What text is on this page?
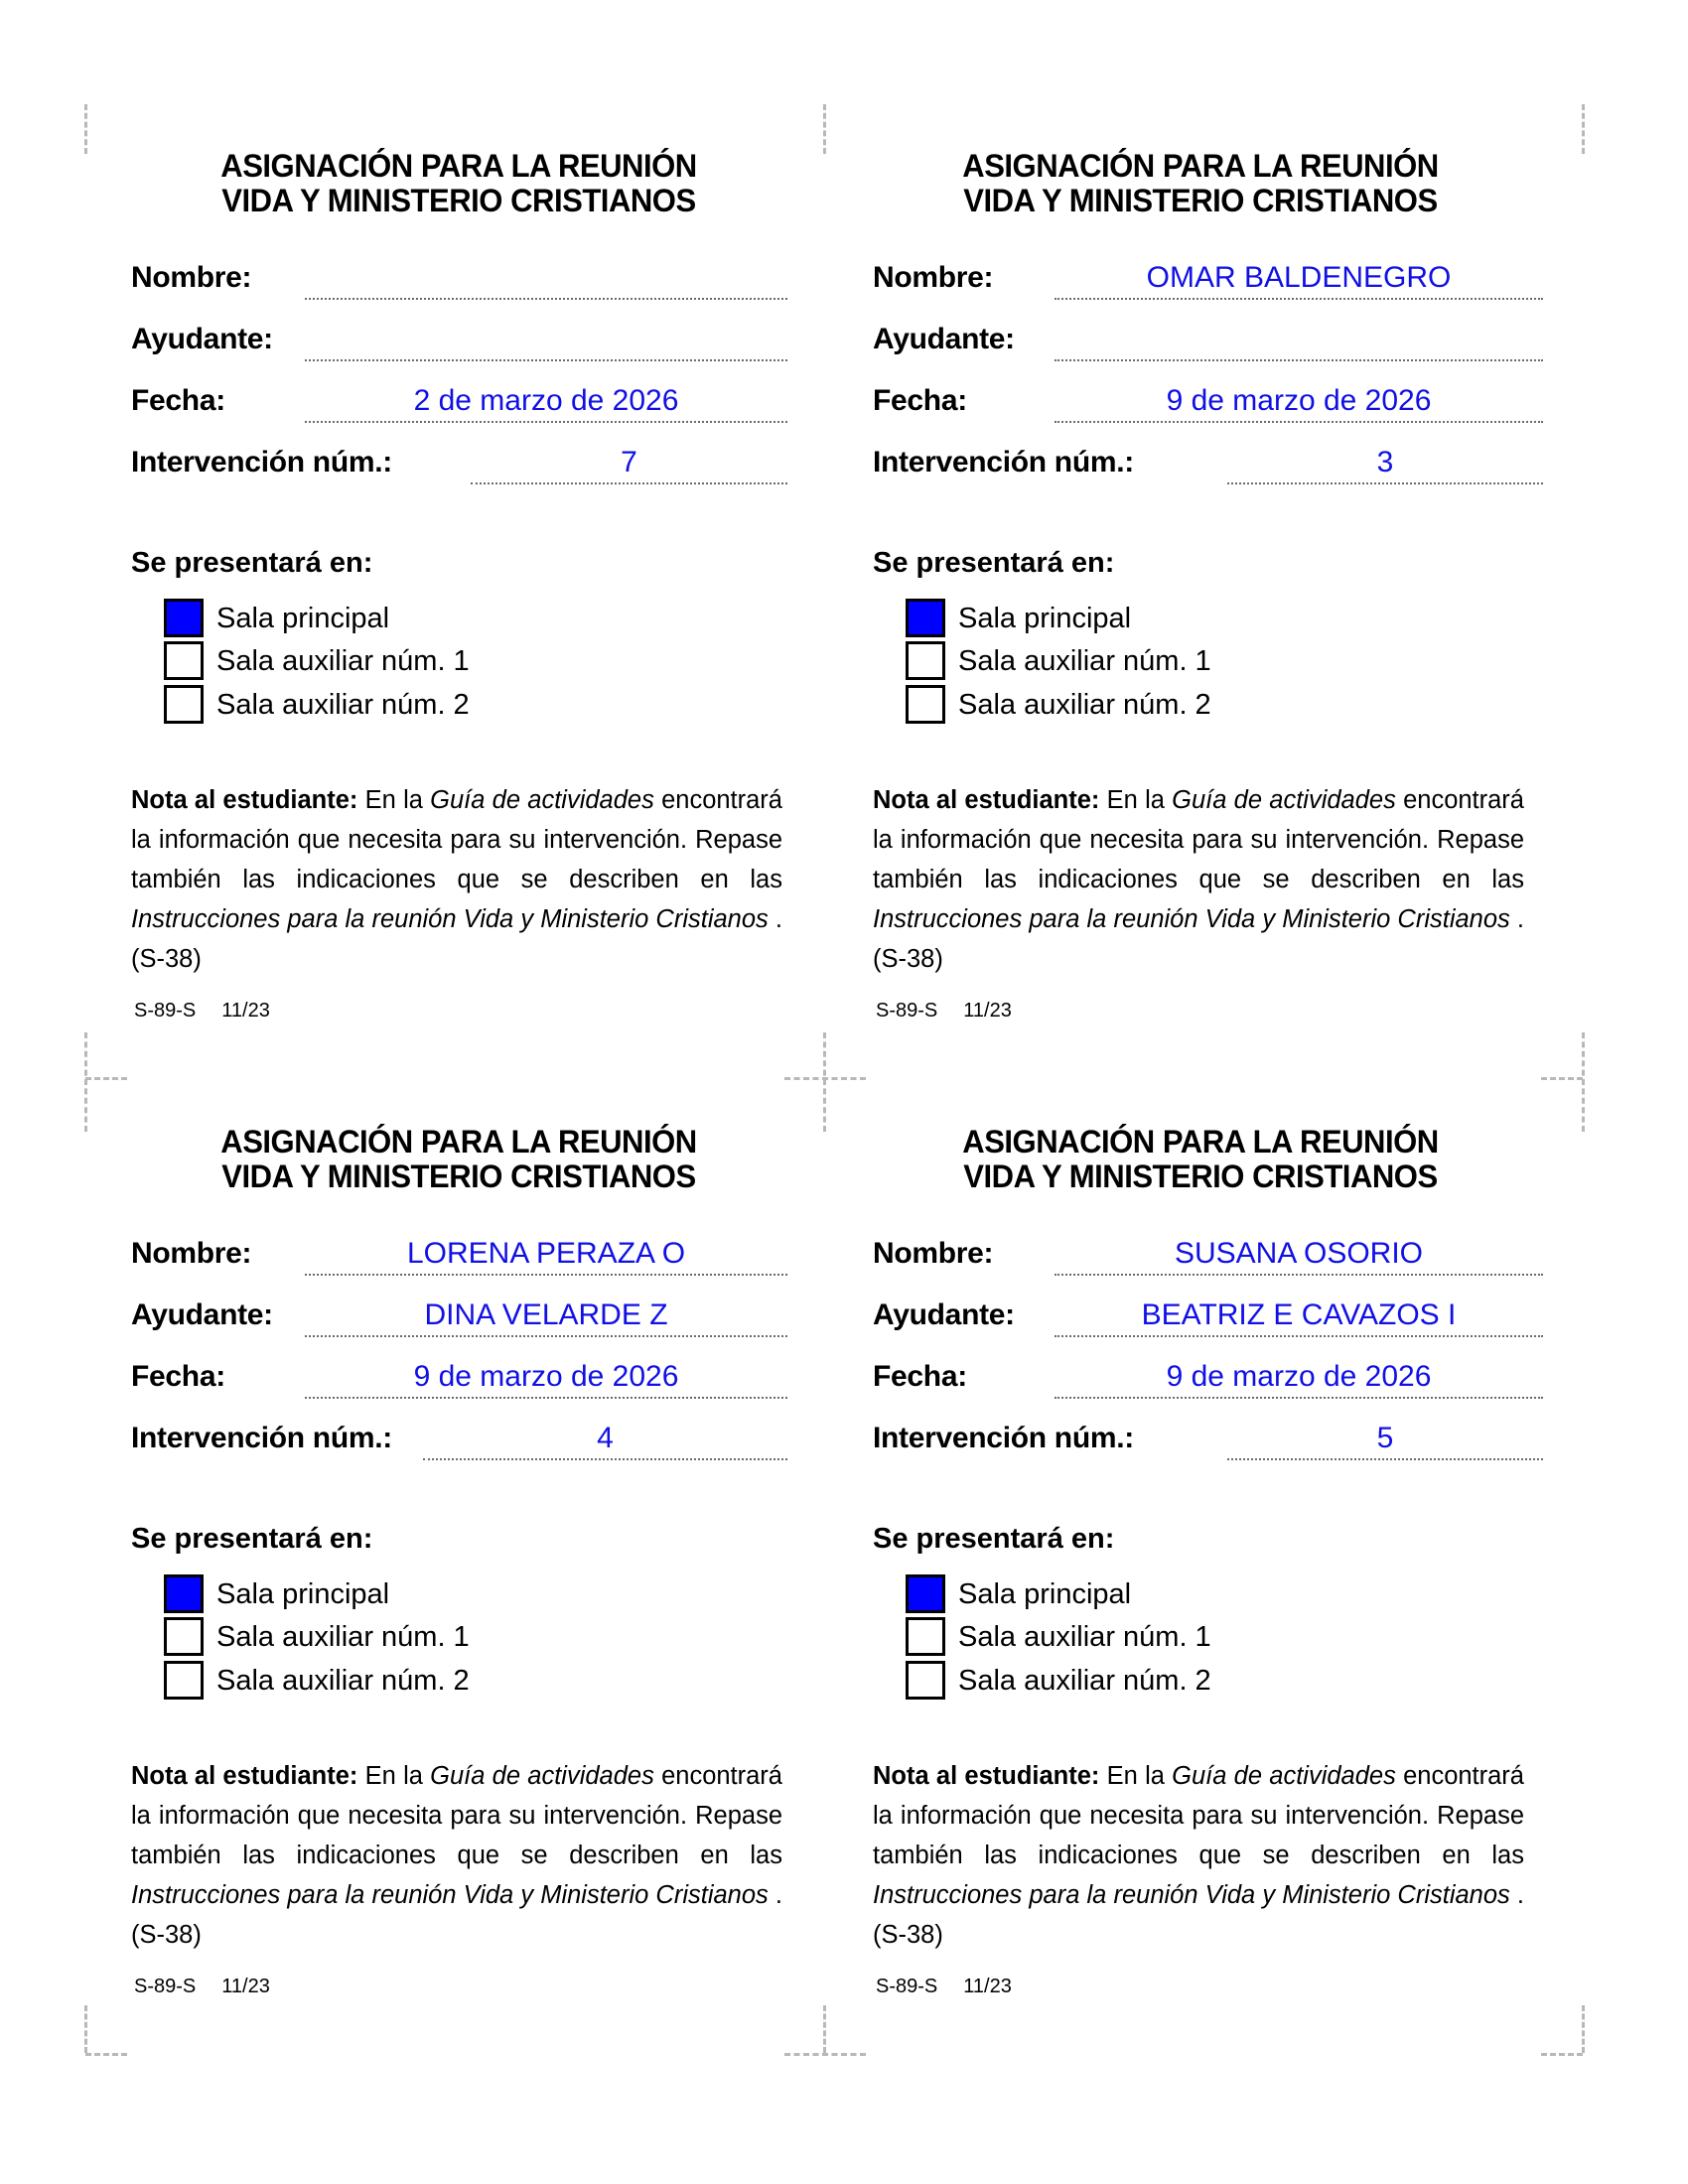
ASIGNACIÓN PARA LA REUNIÓN
VIDA Y MINISTERIO CRISTIANOS
Nombre:
Ayudante:
Fecha:	2 de marzo de 2026
Intervención núm.:	7
Se presentará en:
Sala principal
Sala auxiliar núm. 1
Sala auxiliar núm. 2
Nota al estudiante: En la Guía de actividades encontrará la información que necesita para su intervención. Repase también las indicaciones que se describen en las Instrucciones para la reunión Vida y Ministerio Cristianos . (S-38)
S-89-S 11/23
ASIGNACIÓN PARA LA REUNIÓN
VIDA Y MINISTERIO CRISTIANOS
Nombre:	OMAR BALDENEGRO
Ayudante:
Fecha:	9 de marzo de 2026
Intervención núm.:	3
Se presentará en:
Sala principal
Sala auxiliar núm. 1
Sala auxiliar núm. 2
Nota al estudiante: En la Guía de actividades encontrará la información que necesita para su intervención. Repase también las indicaciones que se describen en las Instrucciones para la reunión Vida y Ministerio Cristianos . (S-38)
S-89-S 11/23
ASIGNACIÓN PARA LA REUNIÓN
VIDA Y MINISTERIO CRISTIANOS
Nombre:	LORENA PERAZA O
Ayudante:	DINA VELARDE Z
Fecha:	9 de marzo de 2026
Intervención núm.:	4
Se presentará en:
Sala principal
Sala auxiliar núm. 1
Sala auxiliar núm. 2
Nota al estudiante: En la Guía de actividades encontrará la información que necesita para su intervención. Repase también las indicaciones que se describen en las Instrucciones para la reunión Vida y Ministerio Cristianos . (S-38)
S-89-S 11/23
ASIGNACIÓN PARA LA REUNIÓN
VIDA Y MINISTERIO CRISTIANOS
Nombre:	SUSANA OSORIO
Ayudante:	BEATRIZ E CAVAZOS I
Fecha:	9 de marzo de 2026
Intervención núm.:	5
Se presentará en:
Sala principal
Sala auxiliar núm. 1
Sala auxiliar núm. 2
Nota al estudiante: En la Guía de actividades encontrará la información que necesita para su intervención. Repase también las indicaciones que se describen en las Instrucciones para la reunión Vida y Ministerio Cristianos . (S-38)
S-89-S 11/23
